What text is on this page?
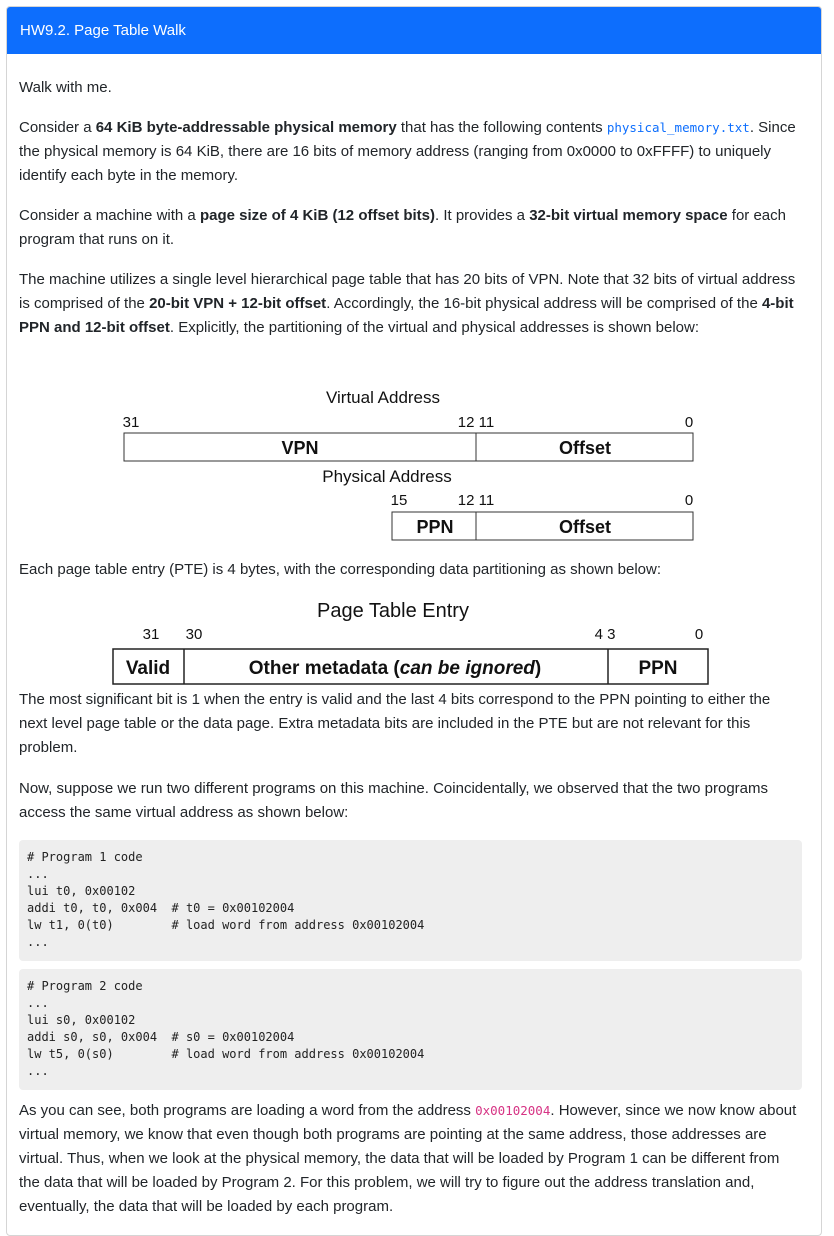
HW9.2. Page Table Walk

Walk with me.

Consider a 64 KiB byte-addressable physical memory that has the following contents physical_memory.txt. Since the physical memory is 64 KiB, there are 16 bits of memory address (ranging from 0x0000 to 0xFFFF) to uniquely identify each byte in the memory.

Consider a machine with a page size of 4 KiB (12 offset bits). It provides a 32-bit virtual memory space for each program that runs on it.

The machine utilizes a single level hierarchical page table that has 20 bits of VPN. Note that 32 bits of virtual address is comprised of the 20-bit VPN + 12-bit offset. Accordingly, the 16-bit physical address will be comprised of the 4-bit PPN and 12-bit offset. Explicitly, the partitioning of the virtual and physical addresses is shown below:

Virtual Address
31	12 11	0
VPN	Offset
Physical Address
15	12 11	0
PPN	Offset
Each page table entry (PTE) is 4 bytes, with the corresponding data partitioning as shown below:
Page Table Entry
31 30	4 3	0
Valid	Other metadata (can be ignored)	PPN
The most significant bit is 1 when the entry is valid and the last 4 bits correspond to the PPN pointing to either the next level page table or the data page. Extra metadata bits are included in the PTE but are not relevant for this problem.
Now, suppose we run two different programs on this machine. Coincidentally, we observed that the two programs access the same virtual address as shown below:
# Program 1 code
...
lui t0, 0x00102
addi t0, t0, 0x004  # t0 = 0x00102004
lw t1, 0(t0)        # load word from address 0x00102004
...
# Program 2 code
...
lui s0, 0x00102
addi s0, s0, 0x004  # s0 = 0x00102004
lw t5, 0(s0)        # load word from address 0x00102004
...
As you can see, both programs are loading a word from the address 0x00102004. However, since we now know about virtual memory, we know that even though both programs are pointing at the same address, those addresses are virtual. Thus, when we look at the physical memory, the data that will be loaded by Program 1 can be different from the data that will be loaded by Program 2. For this problem, we will try to figure out the address translation and, eventually, the data that will be loaded by each program.
